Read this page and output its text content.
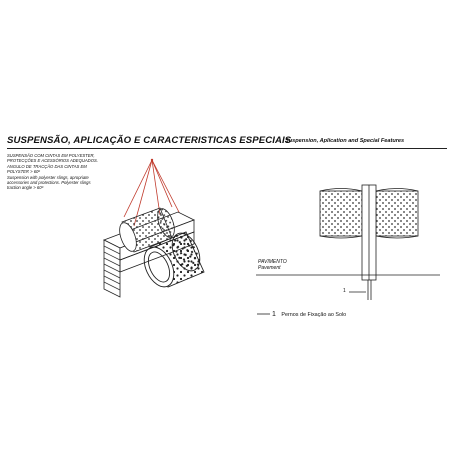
SUSPENSÃO, APLICAÇÃO E CARACTERISTICAS ESPECIAIS
Suspension, Aplication and Special Features
SUSPENSÃO COM CINTAS EM POLYESTER,
PROTECÇÕES E ACESSÓRIOS ADEQUADOS.
ANGULO DE TRACÇÃO DAS CINTAS EM
POLYSTER > 60º
Suspension with polyester slings, apropriate
accessories and protections. Polyester slings
traction angle > 60º
PAVIMENTO
Pavement
1
1 Pernos de Fixação ao Solo
